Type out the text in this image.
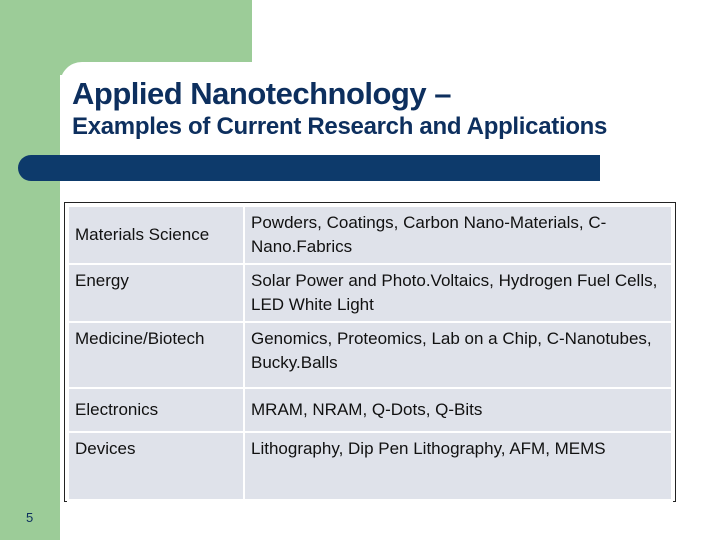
Applied Nanotechnology –
Examples of Current Research and Applications
Materials Science	Powders, Coatings, Carbon Nano-Materials, C-Nano.Fabrics
Energy	Solar Power and Photo.Voltaics, Hydrogen Fuel Cells, LED White Light
Medicine/Biotech	Genomics, Proteomics, Lab on a Chip, C-Nanotubes, Bucky.Balls
Electronics	MRAM, NRAM, Q-Dots, Q-Bits
Devices	Lithography, Dip Pen Lithography, AFM, MEMS
5
